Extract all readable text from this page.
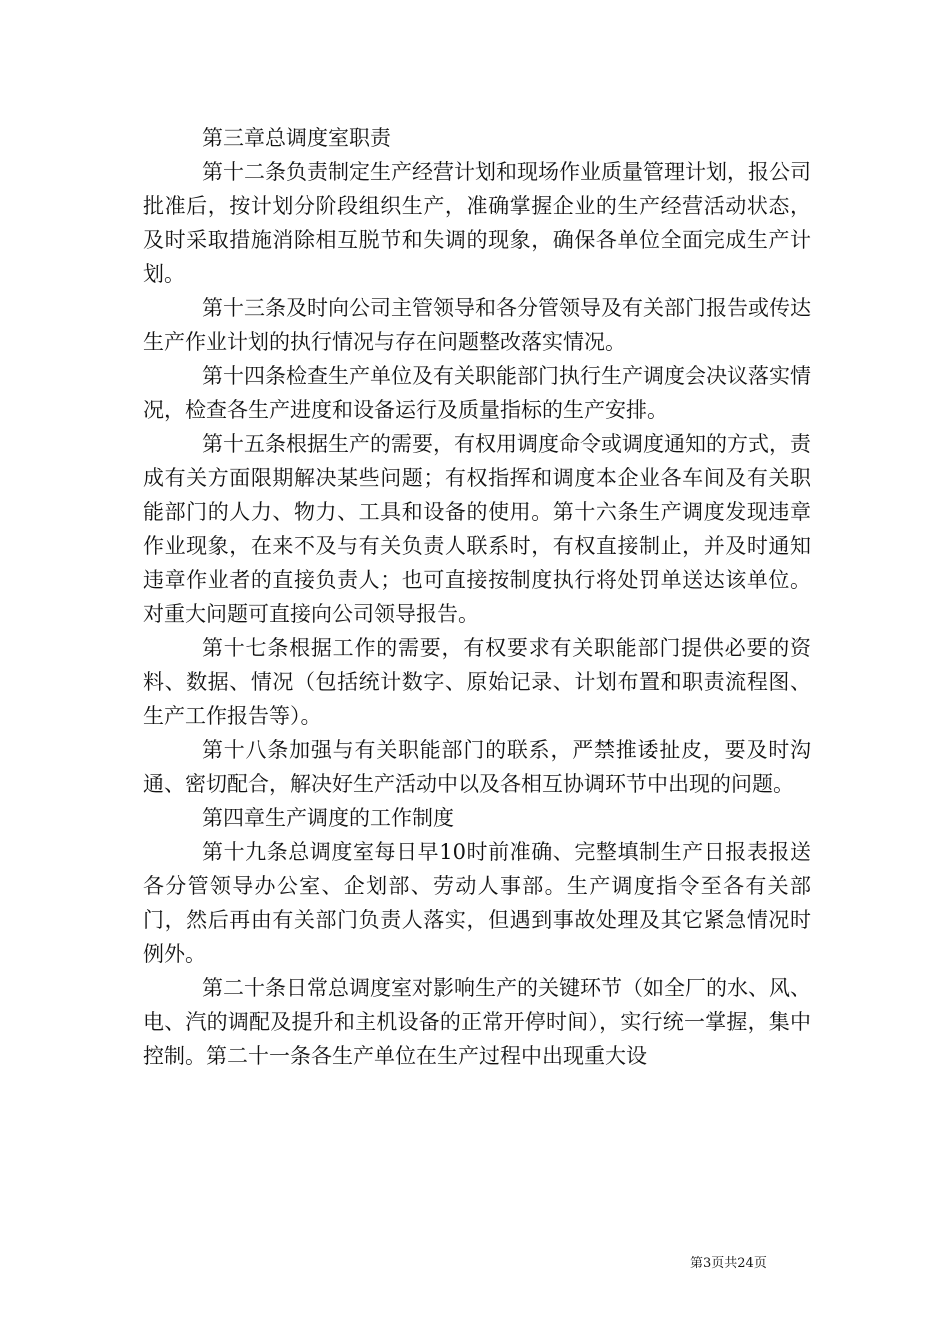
第三章总调度室职责

第十二条负责制定生产经营计划和现场作业质量管理计划，报公司批准后，按计划分阶段组织生产，准确掌握企业的生产经营活动状态，及时采取措施消除相互脱节和失调的现象，确保各单位全面完成生产计划。

第十三条及时向公司主管领导和各分管领导及有关部门报告或传达生产作业计划的执行情况与存在问题整改落实情况。

第十四条检查生产单位及有关职能部门执行生产调度会决议落实情况，检查各生产进度和设备运行及质量指标的生产安排。

第十五条根据生产的需要，有权用调度命令或调度通知的方式，责成有关方面限期解决某些问题；有权指挥和调度本企业各车间及有关职能部门的人力、物力、工具和设备的使用。第十六条生产调度发现违章作业现象，在来不及与有关负责人联系时，有权直接制止，并及时通知违章作业者的直接负责人；也可直接按制度执行将处罚单送达该单位。对重大问题可直接向公司领导报告。

第十七条根据工作的需要，有权要求有关职能部门提供必要的资料、数据、情况（包括统计数字、原始记录、计划布置和职责流程图、生产工作报告等）。

第十八条加强与有关职能部门的联系，严禁推诿扯皮，要及时沟通、密切配合，解决好生产活动中以及各相互协调环节中出现的问题。

第四章生产调度的工作制度

第十九条总调度室每日早10时前准确、完整填制生产日报表报送各分管领导办公室、企划部、劳动人事部。生产调度指令至各有关部门，然后再由有关部门负责人落实，但遇到事故处理及其它紧急情况时例外。

第二十条日常总调度室对影响生产的关键环节（如全厂的水、风、电、汽的调配及提升和主机设备的正常开停时间），实行统一掌握，集中控制。第二十一条各生产单位在生产过程中出现重大设

第3页共24页
